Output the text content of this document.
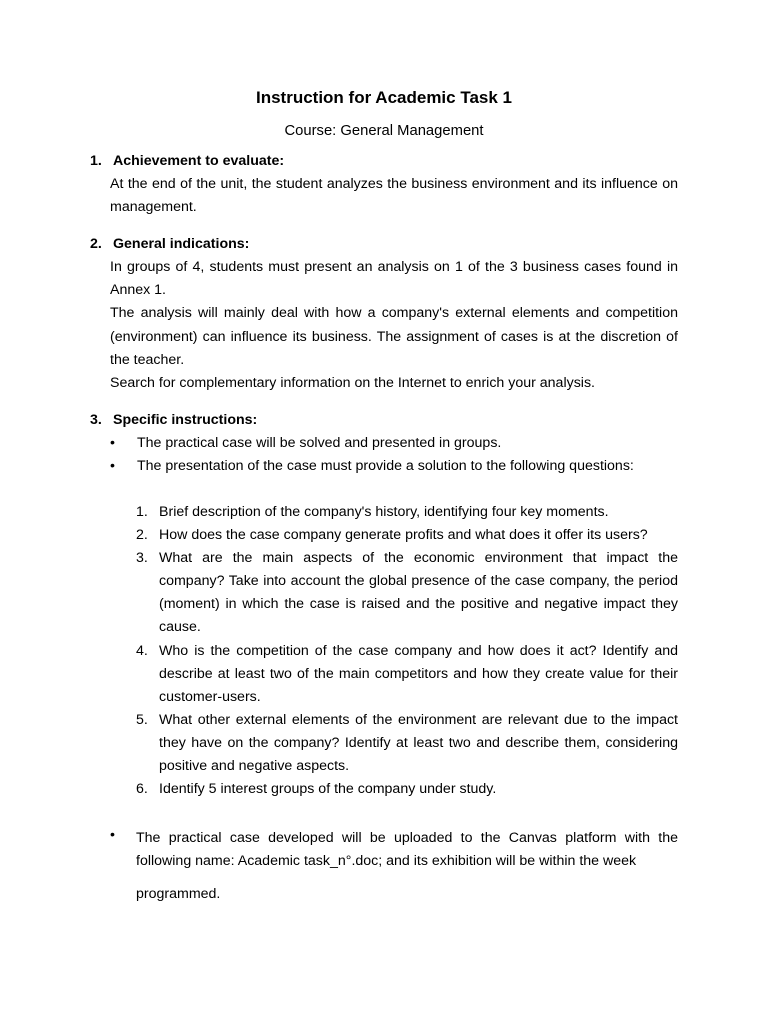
Instruction for Academic Task 1

Course: General Management

1. Achievement to evaluate:

At the end of the unit, the student analyzes the business environment and its influence on management.

2. General indications:

In groups of 4, students must present an analysis on 1 of the 3 business cases found in Annex 1.
The analysis will mainly deal with how a company's external elements and competition (environment) can influence its business. The assignment of cases is at the discretion of the teacher.
Search for complementary information on the Internet to enrich your analysis.

3. Specific instructions:

• The practical case will be solved and presented in groups.
• The presentation of the case must provide a solution to the following questions:
1. Brief description of the company's history, identifying four key moments.
2. How does the case company generate profits and what does it offer its users?
3. What are the main aspects of the economic environment that impact the company? Take into account the global presence of the case company, the period (moment) in which the case is raised and the positive and negative impact they cause.
4. Who is the competition of the case company and how does it act? Identify and describe at least two of the main competitors and how they create value for their customer-users.
5. What other external elements of the environment are relevant due to the impact they have on the company? Identify at least two and describe them, considering positive and negative aspects.
6. Identify 5 interest groups of the company under study.
• The practical case developed will be uploaded to the Canvas platform with the following name: Academic task_n°.doc; and its exhibition will be within the week
programmed.
